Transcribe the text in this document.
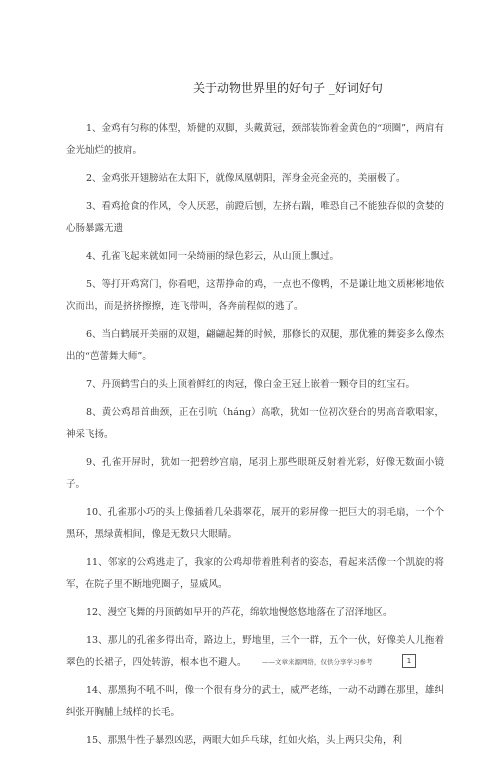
关于动物世界里的好句子 _好词好句

1、金鸡有匀称的体型，矫健的双脚，头戴黄冠，颈部装饰着金黄色的“项圈”，两肩有金光灿烂的披肩。

2、金鸡张开翅膀站在太阳下，就像凤凰朝阳，浑身金亮金亮的，美丽极了。

3、看鸡抢食的作风，令人厌恶，前蹬后刨，左挤右踹，唯恐自己不能独吞似的贪婪的心肠暴露无遗

4、孔雀飞起来就如同一朵绮丽的绿色彩云，从山顶上飘过。

5、等打开鸡窝门，你看吧，这帮挣命的鸡，一点也不像鸭，不是谦让地文质彬彬地依次而出，而是挤挤擦擦，连飞带叫，各奔前程似的逃了。

6、当白鹤展开美丽的双翅，翩翩起舞的时候，那修长的双腿，那优雅的舞姿多么像杰出的“芭蕾舞大师”。

7、丹顶鹤雪白的头上顶着鲜红的肉冠，像白金王冠上嵌着一颗夺目的红宝石。

8、黄公鸡昂首曲颈，正在引吭（háng）高歌，犹如一位初次登台的男高音歌唱家，神采飞扬。

9、孔雀开屏时，犹如一把碧纱宫扇，尾羽上那些眼斑反射着光彩，好像无数面小镜子。

10、孔雀那小巧的头上像插着几朵翡翠花，展开的彩屏像一把巨大的羽毛扇，一个个黑环，黑绿黄相间，像是无数只大眼睛。

11、邻家的公鸡逃走了，我家的公鸡却带着胜利者的姿态，看起来活像一个凯旋的将军，在院子里不断地兜圈子，显威风。

12、漫空飞舞的丹顶鹤如早开的芦花，绵软地慢悠悠地落在了沼泽地区。

13、那儿的孔雀多得出奇，路边上，野地里，三个一群，五个一伙，好像美人儿拖着翠色的长裙子，四处转游，根本也不避人。

14、那黑狗不吼不叫，像一个很有身分的武士，威严老练，一动不动蹲在那里，雄纠纠张开胸脯上绒样的长毛。

15、那黑牛性子暴烈凶恶，两眼大如乒乓球，红如火焰，头上两只尖角，利

——文章来源网络，仅供分享学习参考	1
